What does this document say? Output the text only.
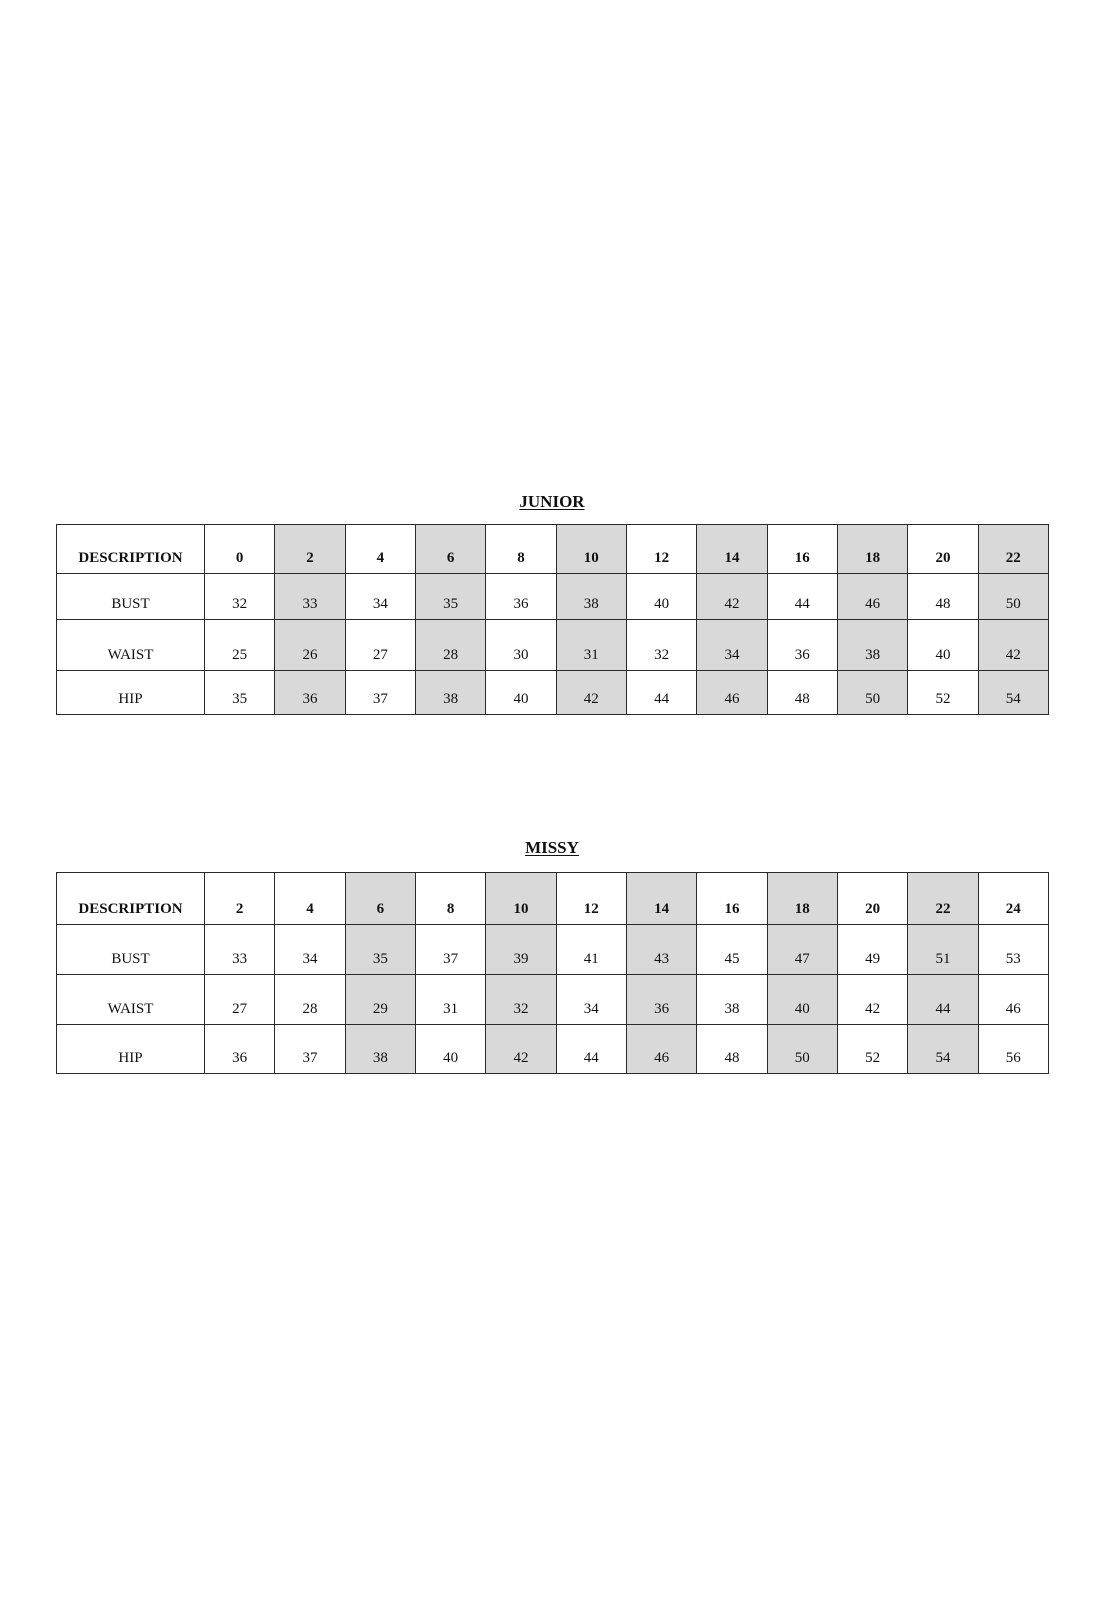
JUNIOR
DESCRIPTION	0	2	4	6	8	10	12	14	16	18	20	22
BUST	32	33	34	35	36	38	40	42	44	46	48	50
WAIST	25	26	27	28	30	31	32	34	36	38	40	42
HIP	35	36	37	38	40	42	44	46	48	50	52	54
MISSY
DESCRIPTION	2	4	6	8	10	12	14	16	18	20	22	24
BUST	33	34	35	37	39	41	43	45	47	49	51	53
WAIST	27	28	29	31	32	34	36	38	40	42	44	46
HIP	36	37	38	40	42	44	46	48	50	52	54	56
